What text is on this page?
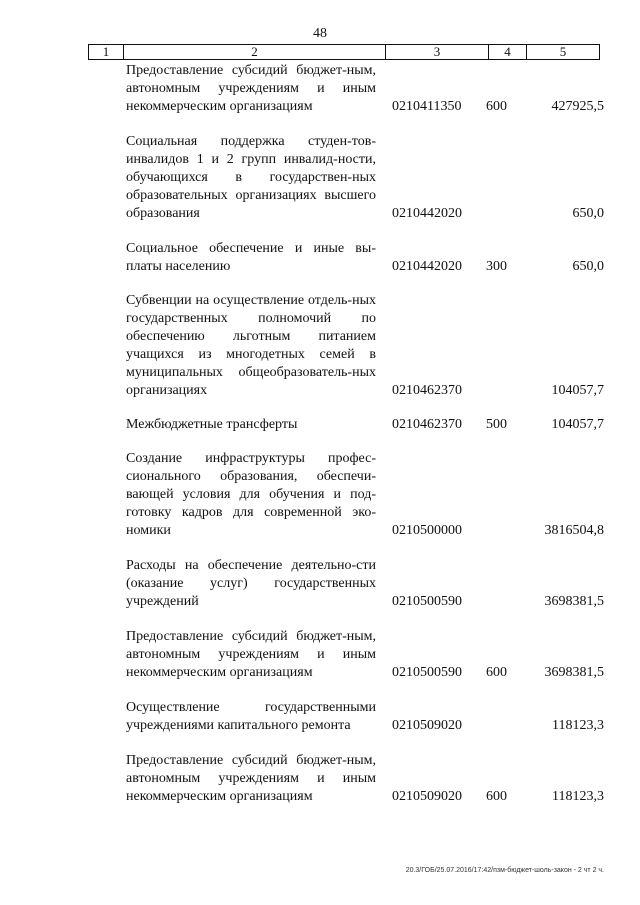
48
1	2	3	4	5
Предоставление субсидий бюджет-ным, автономным учреждениям и иным некоммерческим организациям	0210411350 600	427925,5
Социальная поддержка студен-тов-инвалидов 1 и 2 групп инвалид-ности, обучающихся в государствен-ных образовательных организациях высшего образования	0210442020	650,0
Социальное обеспечение и иные вы-платы населению	0210442020 300	650,0
Субвенции на осуществление отдель-ных государственных полномочий по обеспечению льготным питанием учащихся из многодетных семей в муниципальных общеобразователь-ных организациях	0210462370	104057,7
Межбюджетные трансферты	0210462370 500	104057,7
Создание инфраструктуры профес-сионального образования, обеспечи-вающей условия для обучения и под-готовку кадров для современной эко-номики	0210500000	3816504,8
Расходы на обеспечение деятельно-сти (оказание услуг) государственных учреждений	0210500590	3698381,5
Предоставление субсидий бюджет-ным, автономным учреждениям и иным некоммерческим организациям	0210500590 600	3698381,5
Осуществление государственными учреждениями капитального ремонта	0210509020	118123,3
Предоставление субсидий бюджет-ным, автономным учреждениям и иным некоммерческим организациям	0210509020 600	118123,3
20.3/ГОБ/25.07.2016/17:42/пзм-бюджет-шоль-закон - 2 чт 2 ч.
